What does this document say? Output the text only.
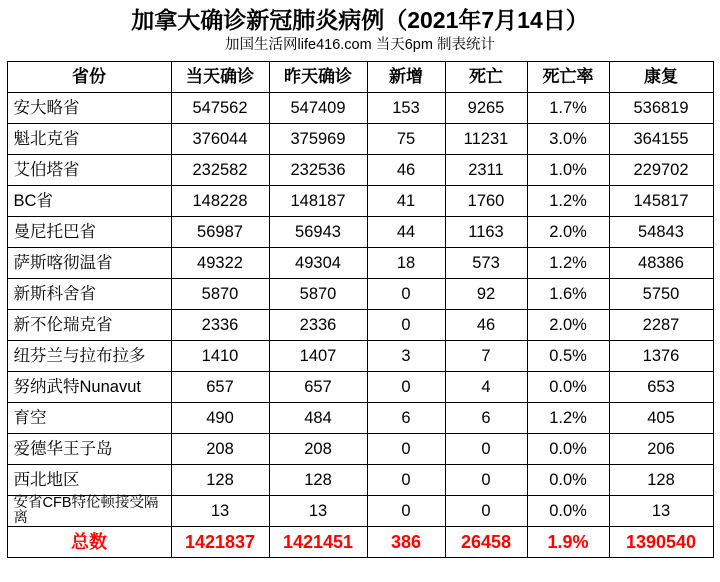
加拿大确诊新冠肺炎病例（2021年7月14日）
加国生活网life416.com 当天6pm 制表统计
省份	当天确诊	昨天确诊	新增	死亡	死亡率	康复
安大略省	547562	547409	153	9265	1.7%	536819
魁北克省	376044	375969	75	11231	3.0%	364155
艾伯塔省	232582	232536	46	2311	1.0%	229702
BC省	148228	148187	41	1760	1.2%	145817
曼尼托巴省	56987	56943	44	1163	2.0%	54843
萨斯喀彻温省	49322	49304	18	573	1.2%	48386
新斯科舍省	5870	5870	0	92	1.6%	5750
新不伦瑞克省	2336	2336	0	46	2.0%	2287
纽芬兰与拉布拉多	1410	1407	3	7	0.5%	1376
努纳武特Nunavut	657	657	0	4	0.0%	653
育空	490	484	6	6	1.2%	405
爱德华王子岛	208	208	0	0	0.0%	206
西北地区	128	128	0	0	0.0%	128
安省CFB特伦顿接受隔离	13	13	0	0	0.0%	13
总数	1421837	1421451	386	26458	1.9%	1390540
